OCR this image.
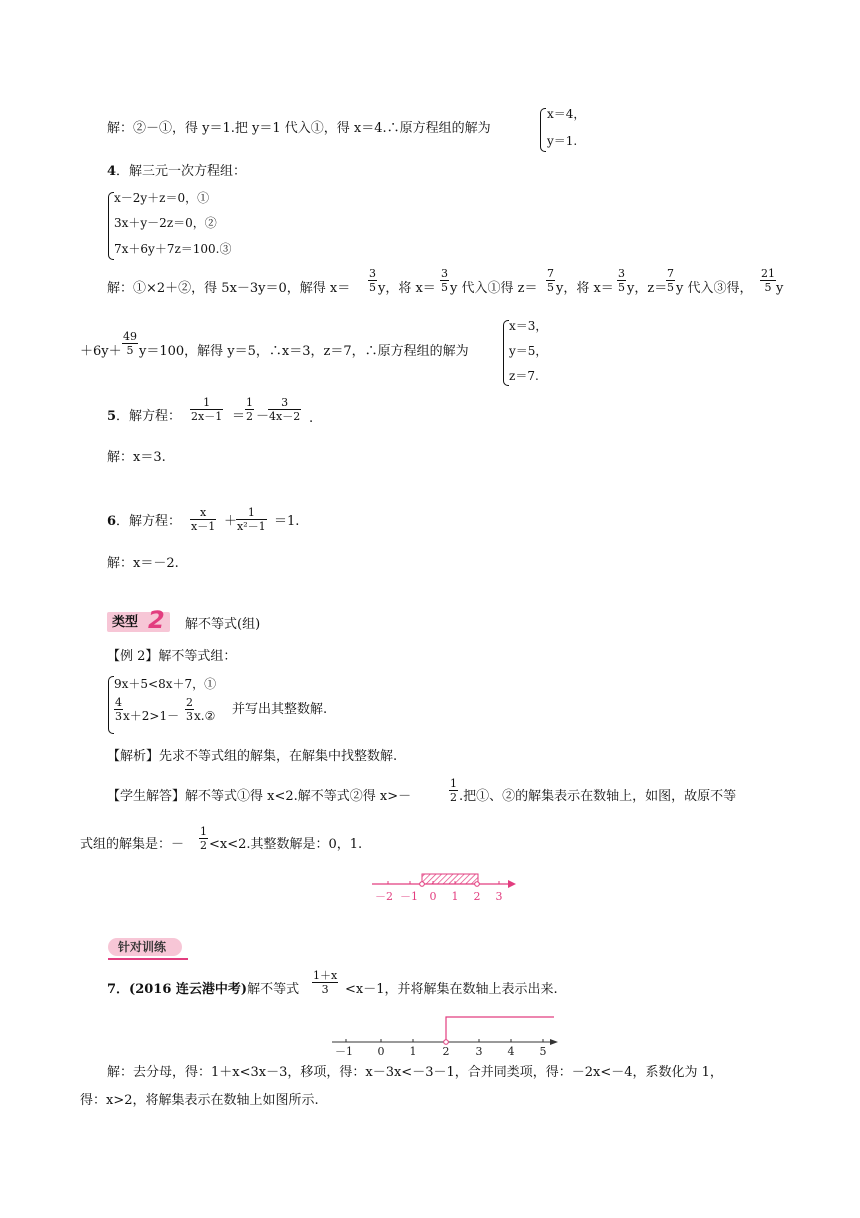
解：②－①，得 y＝1.把 y＝1 代入①，得 x＝4.∴原方程组的解为
x＝4，
y＝1.
4．解三元一次方程组：
x－2y＋z＝0，①
3x＋y－2z＝0，②
7x＋6y＋7z＝100.③
解：①×2＋②，得 5x－3y＝0，解得 x＝
3
5 y，将 x＝
3
5 y 代入①得 z＝
7
5 y，将 x＝
3
5 y，z＝
7
5 y 代入③得，
21
5 y
＋6y＋
49
5 y＝100，解得 y＝5，∴x＝3，z＝7，∴原方程组的解为
x＝3，
y＝5，
z＝7.
5．解方程：
1
2x－1 ＝
1
2 －
3
4x－2 .
解：x＝3.
6．解方程：
x
x－1 ＋
1
x²－1 ＝1.
解：x＝－2.
类型 2 解不等式(组)
【例 2】解不等式组：
9x＋5<8x＋7，①
4
3 x＋2>1－
2
3 x.② 并写出其整数解.
【解析】先求不等式组的解集，在解集中找整数解.
【学生解答】解不等式①得 x<2.解不等式②得 x>－
1
2 .把①、②的解集表示在数轴上，如图，故原不等
式组的解集是：－
1
2 <x<2.其整数解是：0，1.
－2 －1 0 1 2 3
针对训练
7．(2016 连云港中考)解不等式
1＋x
3	<x－1，并将解集在数轴上表示出来.
－1 0 1 2 3 4 5
解：去分母，得：1＋x<3x－3，移项，得：x－3x<－3－1，合并同类项，得：－2x<－4，系数化为 1，
得：x>2，将解集表示在数轴上如图所示.
